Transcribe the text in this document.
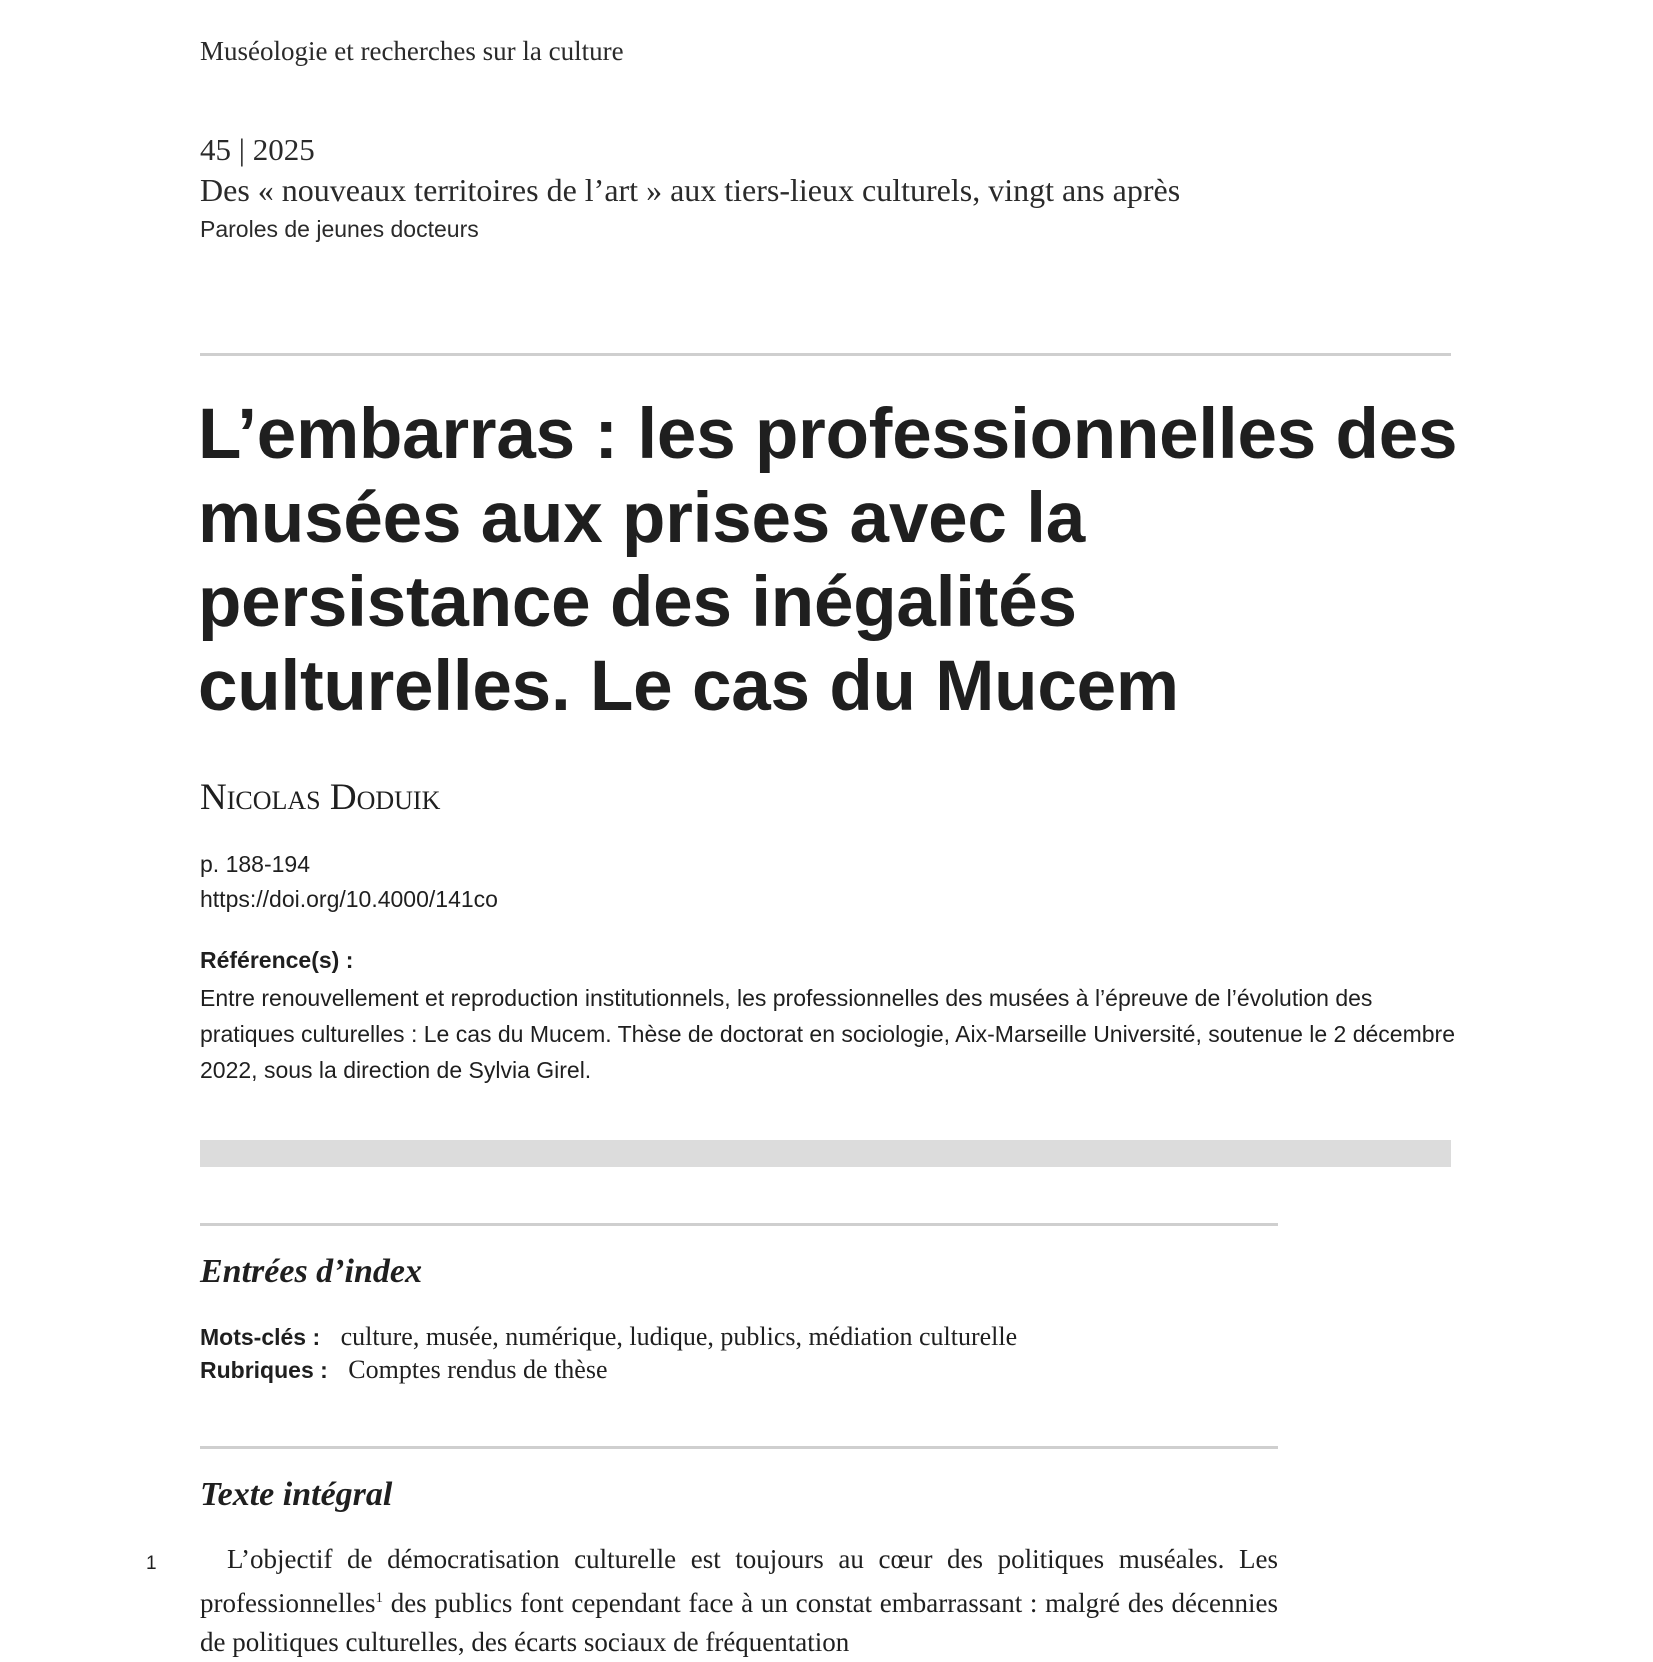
Muséologie et recherches sur la culture
45 | 2025
Des « nouveaux territoires de l’art » aux tiers-lieux culturels, vingt ans après
Paroles de jeunes docteurs
L’embarras : les professionnelles des musées aux prises avec la persistance des inégalités culturelles. Le cas du Mucem
Nicolas Doduik
p. 188-194
https://doi.org/10.4000/141co
Référence(s) :
Entre renouvellement et reproduction institutionnels, les professionnelles des musées à l’épreuve de l’évolution des pratiques culturelles : Le cas du Mucem. Thèse de doctorat en sociologie, Aix-Marseille Université, soutenue le 2 décembre 2022, sous la direction de Sylvia Girel.
Entrées d’index
Mots-clés : culture, musée, numérique, ludique, publics, médiation culturelle
Rubriques : Comptes rendus de thèse
Texte intégral
1	L’objectif de démocratisation culturelle est toujours au cœur des politiques muséales. Les professionnelles$^1$ des publics font cependant face à un constat embarrassant : malgré des décennies de politiques culturelles, des écarts sociaux de fréquentation
